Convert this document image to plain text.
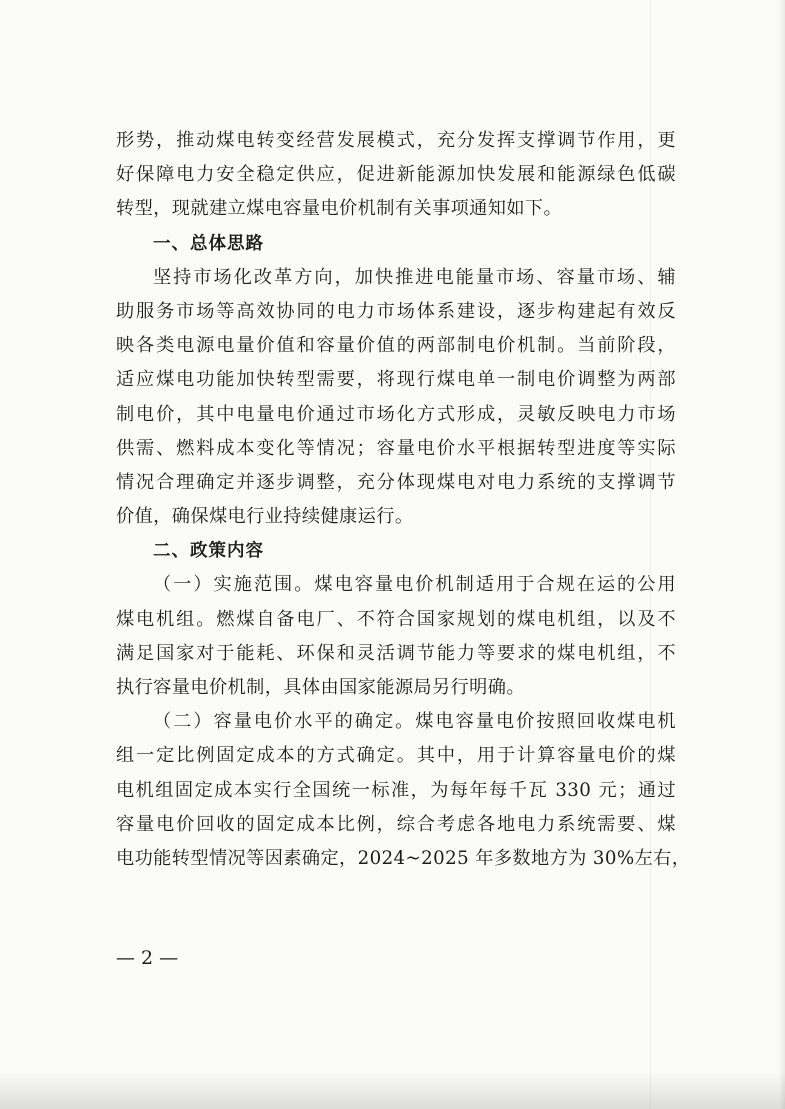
形势，推动煤电转变经营发展模式，充分发挥支撑调节作用，更
好保障电力安全稳定供应，促进新能源加快发展和能源绿色低碳
转型，现就建立煤电容量电价机制有关事项通知如下。
一、总体思路
坚持市场化改革方向，加快推进电能量市场、容量市场、辅
助服务市场等高效协同的电力市场体系建设，逐步构建起有效反
映各类电源电量价值和容量价值的两部制电价机制。当前阶段，
适应煤电功能加快转型需要，将现行煤电单一制电价调整为两部
制电价，其中电量电价通过市场化方式形成，灵敏反映电力市场
供需、燃料成本变化等情况；容量电价水平根据转型进度等实际
情况合理确定并逐步调整，充分体现煤电对电力系统的支撑调节
价值，确保煤电行业持续健康运行。
二、政策内容
（一）实施范围。煤电容量电价机制适用于合规在运的公用
煤电机组。燃煤自备电厂、不符合国家规划的煤电机组，以及不
满足国家对于能耗、环保和灵活调节能力等要求的煤电机组，不
执行容量电价机制，具体由国家能源局另行明确。
（二）容量电价水平的确定。煤电容量电价按照回收煤电机
组一定比例固定成本的方式确定。其中，用于计算容量电价的煤
电机组固定成本实行全国统一标准，为每年每千瓦 330 元；通过
容量电价回收的固定成本比例，综合考虑各地电力系统需要、煤
电功能转型情况等因素确定，2024~2025 年多数地方为 30%左右，
— 2 —
